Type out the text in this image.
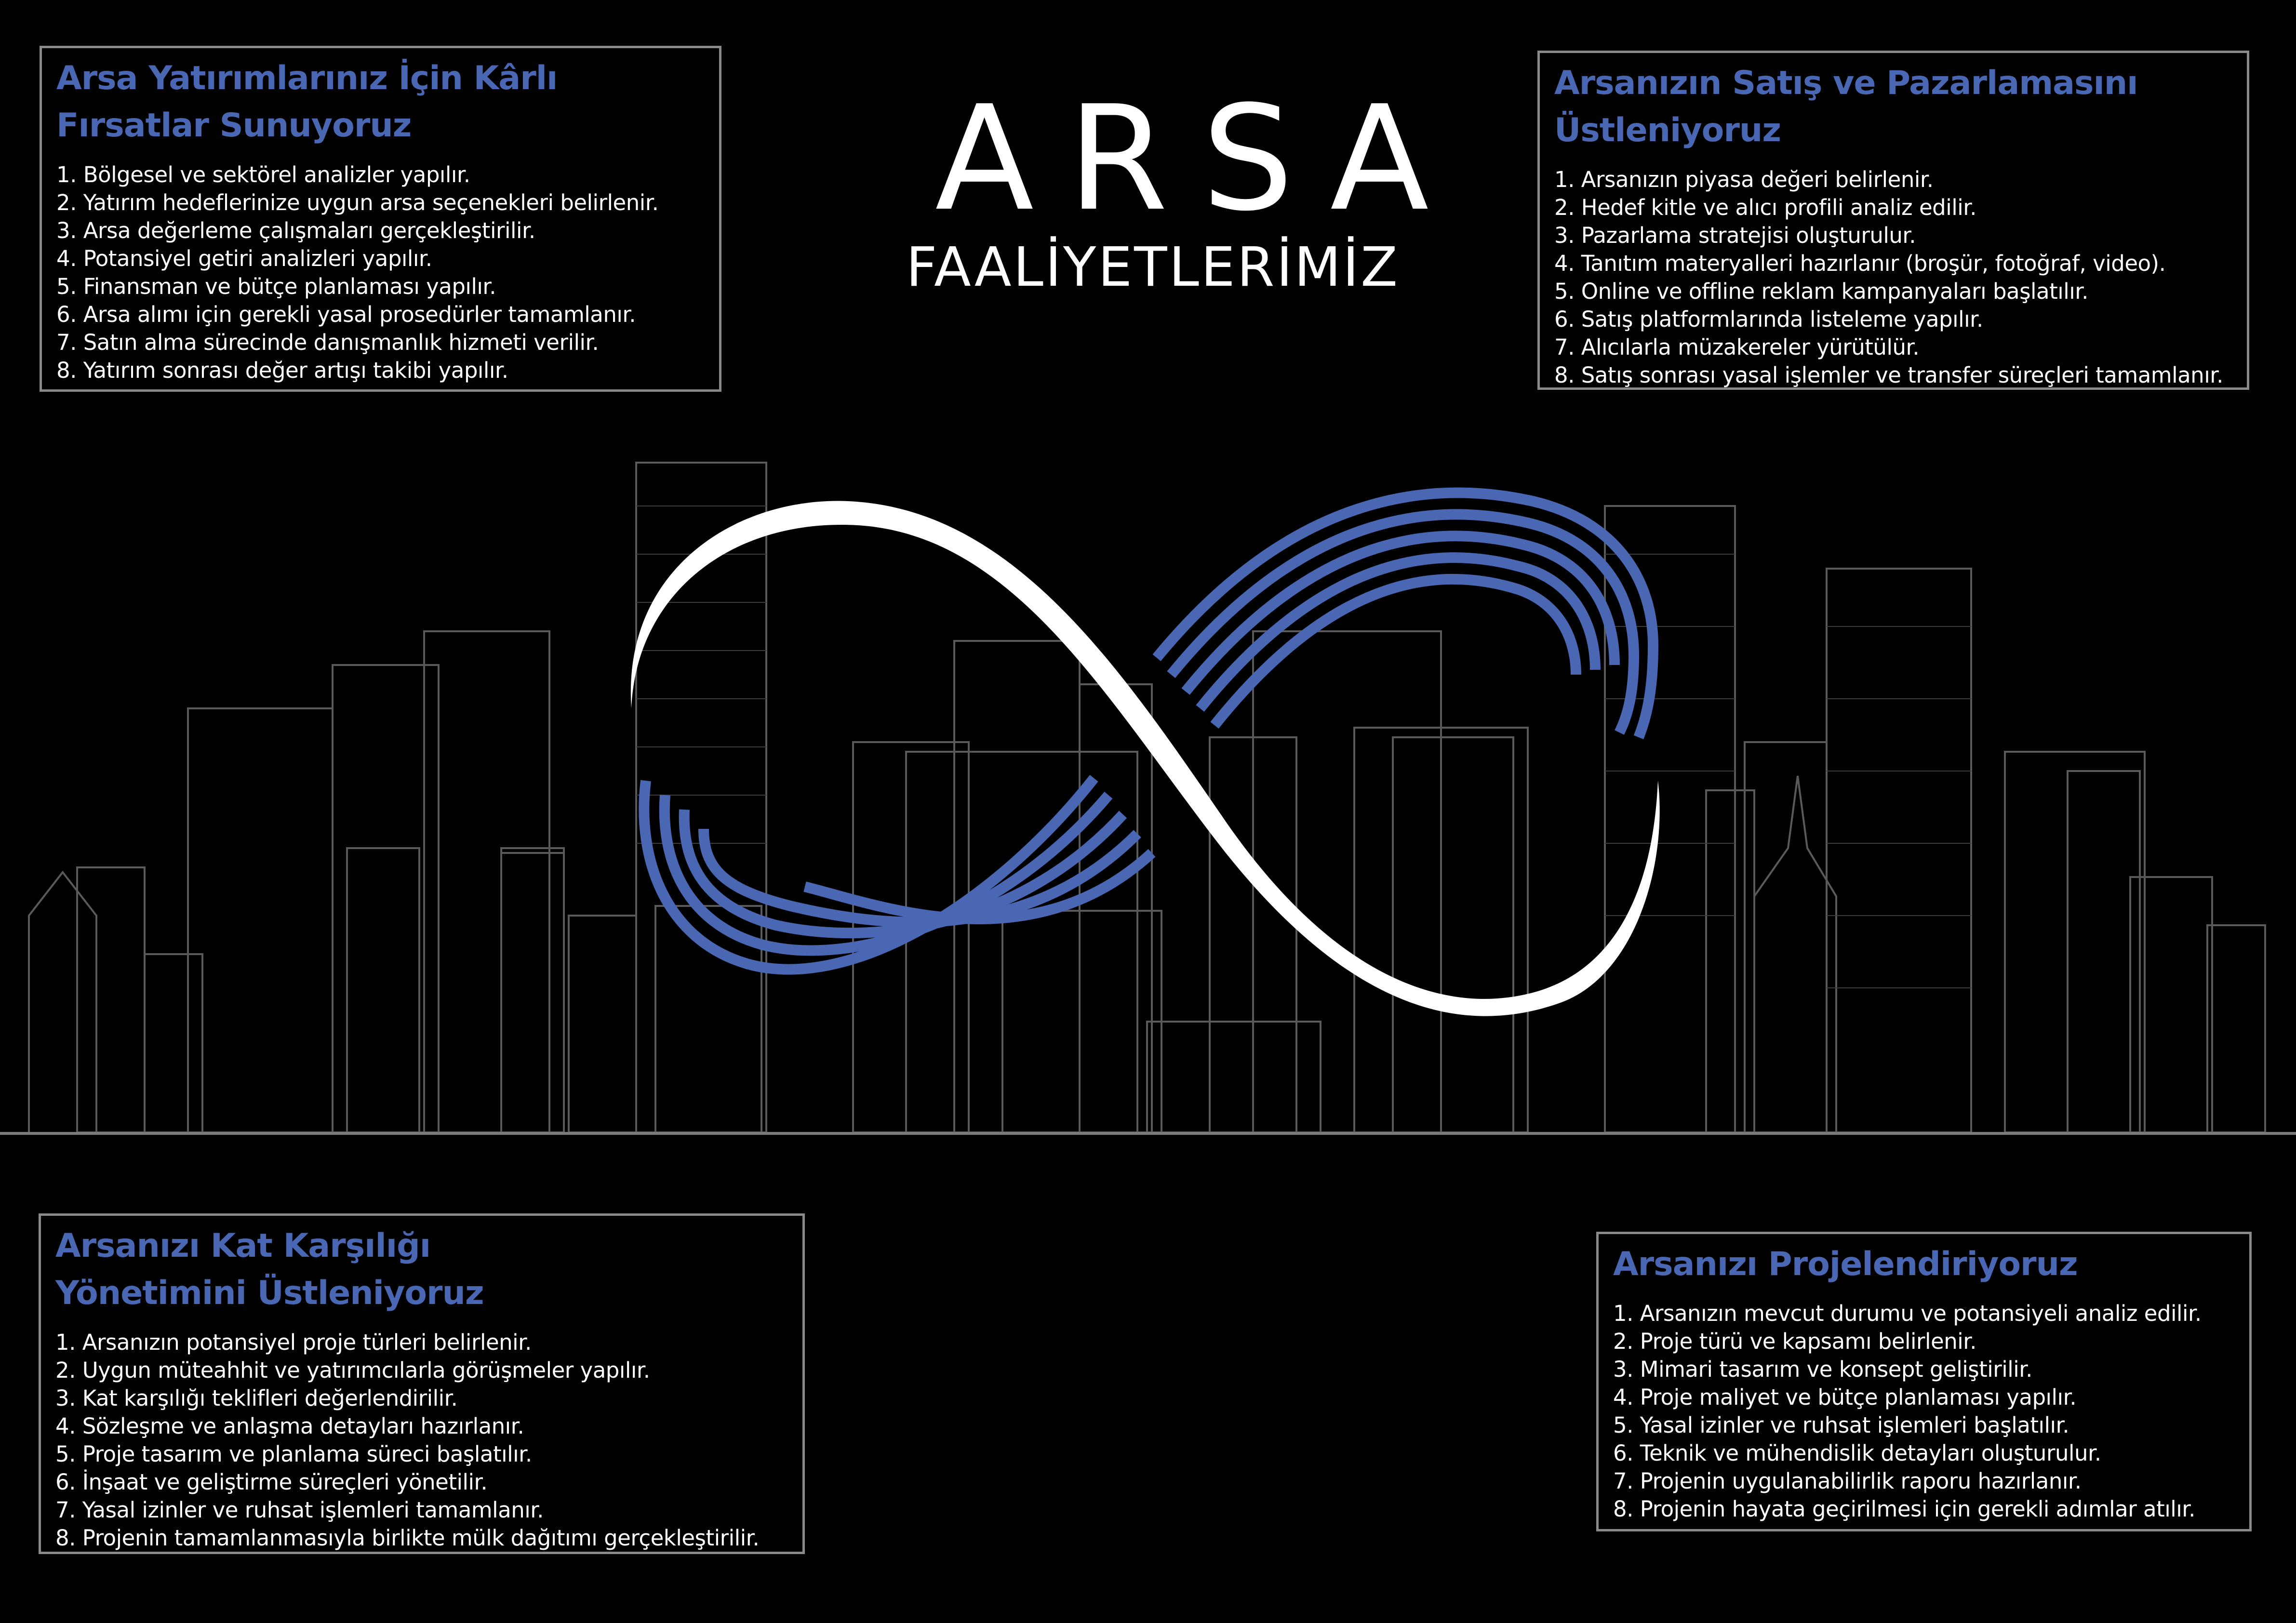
ARSA
FAALİYETLERİMİZ
Arsa Yatırımlarınız İçin Kârlı
Fırsatlar Sunuyoruz
1. Bölgesel ve sektörel analizler yapılır.
2. Yatırım hedeflerinize uygun arsa seçenekleri belirlenir.
3. Arsa değerleme çalışmaları gerçekleştirilir.
4. Potansiyel getiri analizleri yapılır.
5. Finansman ve bütçe planlaması yapılır.
6. Arsa alımı için gerekli yasal prosedürler tamamlanır.
7. Satın alma sürecinde danışmanlık hizmeti verilir.
8. Yatırım sonrası değer artışı takibi yapılır.
Arsanızın Satış ve Pazarlamasını
Üstleniyoruz
1. Arsanızın piyasa değeri belirlenir.
2. Hedef kitle ve alıcı profili analiz edilir.
3. Pazarlama stratejisi oluşturulur.
4. Tanıtım materyalleri hazırlanır (broşür, fotoğraf, video).
5. Online ve offline reklam kampanyaları başlatılır.
6. Satış platformlarında listeleme yapılır.
7. Alıcılarla müzakereler yürütülür.
8. Satış sonrası yasal işlemler ve transfer süreçleri tamamlanır.
Arsanızı Kat Karşılığı
Yönetimini Üstleniyoruz
1. Arsanızın potansiyel proje türleri belirlenir.
2. Uygun müteahhit ve yatırımcılarla görüşmeler yapılır.
3. Kat karşılığı teklifleri değerlendirilir.
4. Sözleşme ve anlaşma detayları hazırlanır.
5. Proje tasarım ve planlama süreci başlatılır.
6. İnşaat ve geliştirme süreçleri yönetilir.
7. Yasal izinler ve ruhsat işlemleri tamamlanır.
8. Projenin tamamlanmasıyla birlikte mülk dağıtımı gerçekleştirilir.
Arsanızı Projelendiriyoruz
1. Arsanızın mevcut durumu ve potansiyeli analiz edilir.
2. Proje türü ve kapsamı belirlenir.
3. Mimari tasarım ve konsept geliştirilir.
4. Proje maliyet ve bütçe planlaması yapılır.
5. Yasal izinler ve ruhsat işlemleri başlatılır.
6. Teknik ve mühendislik detayları oluşturulur.
7. Projenin uygulanabilirlik raporu hazırlanır.
8. Projenin hayata geçirilmesi için gerekli adımlar atılır.
